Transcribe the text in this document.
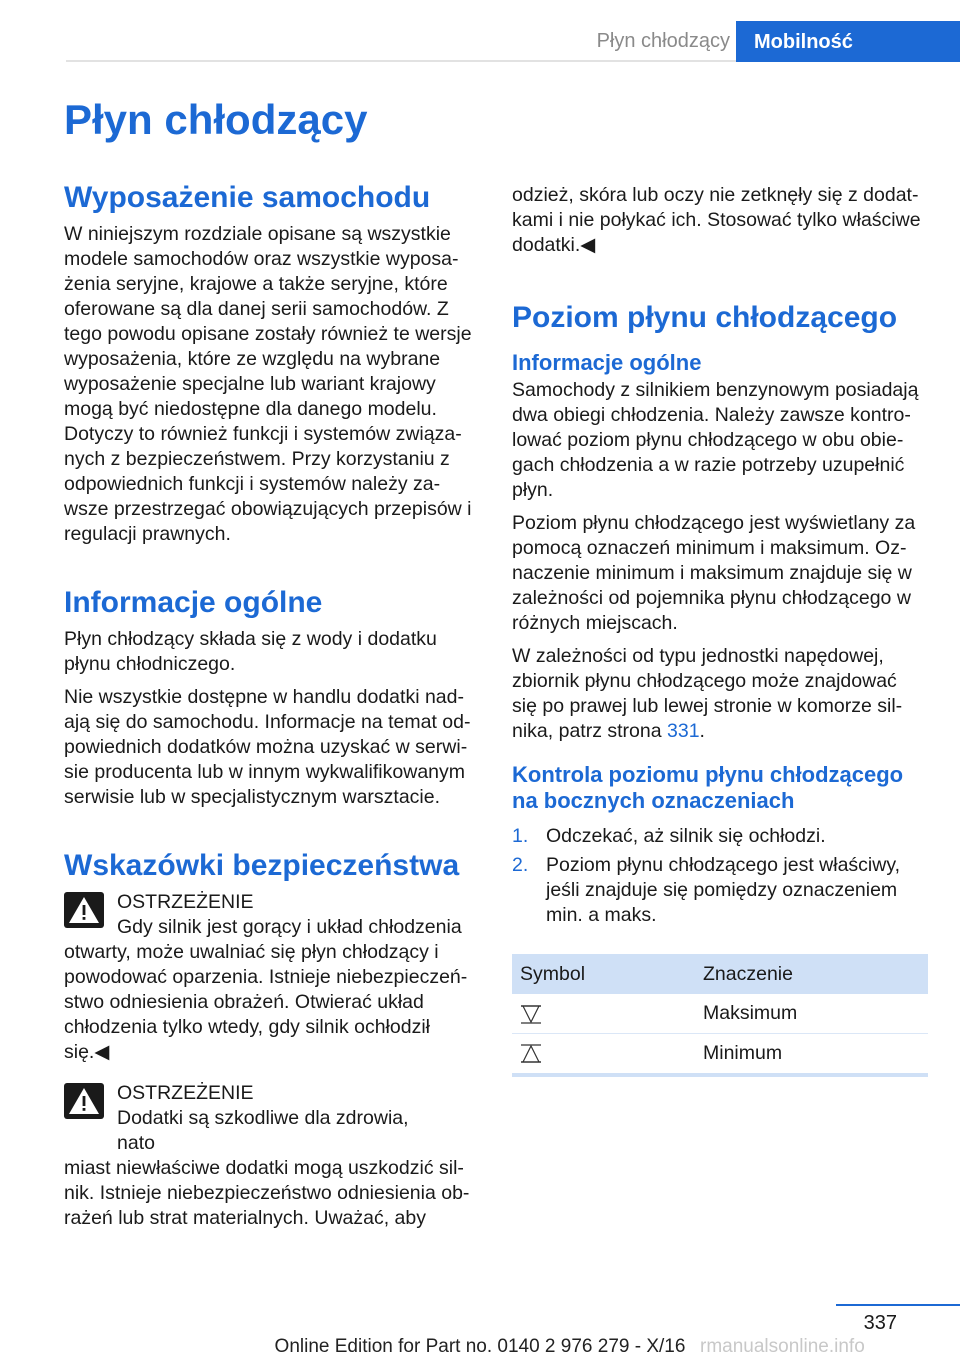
Płyn chłodzący	Mobilność
Płyn chłodzący
Wyposażenie samochodu

W niniejszym rozdziale opisane są wszystkie modele samochodów oraz wszystkie wyposażenia seryjne, krajowe a także seryjne, które oferowane są dla danej serii samochodów. Z tego powodu opisane zostały również te wersje wyposażenia, które ze względu na wybrane wyposażenie specjalne lub wariant krajowy mogą być niedostępne dla danego modelu. Dotyczy to również funkcji i systemów związanych z bezpieczeństwem. Przy korzystaniu z odpowiednich funkcji i systemów należy zawsze przestrzegać obowiązujących przepisów i regulacji prawnych.

Informacje ogólne

Płyn chłodzący składa się z wody i dodatku płynu chłodniczego.

Nie wszystkie dostępne w handlu dodatki nadają się do samochodu. Informacje na temat odpowiednich dodatków można uzyskać w serwisie producenta lub w innym wykwalifikowanym serwisie lub w specjalistycznym warsztacie.

Wskazówki bezpieczeństwa
OSTRZEŻENIE
Gdy silnik jest gorący i układ chłodzenia
otwarty, może uwalniać się płyn chłodzący i powodować oparzenia. Istnieje niebezpieczeństwo odniesienia obrażeń. Otwierać układ chłodzenia tylko wtedy, gdy silnik ochłodził się.◀
OSTRZEŻENIE
Dodatki są szkodliwe dla zdrowia, nato
miast niewłaściwe dodatki mogą uszkodzić silnik. Istnieje niebezpieczeństwo odniesienia obrażeń lub strat materialnych. Uważać, aby

odzież, skóra lub oczy nie zetknęły się z dodatkami i nie połykać ich. Stosować tylko właściwe dodatki.◀

Poziom płynu chłodzącego
Informacje ogólne

Samochody z silnikiem benzynowym posiadają dwa obiegi chłodzenia. Należy zawsze kontrolować poziom płynu chłodzącego w obu obiegach chłodzenia a w razie potrzeby uzupełnić płyn.

Poziom płynu chłodzącego jest wyświetlany za pomocą oznaczeń minimum i maksimum. Oznaczenie minimum i maksimum znajduje się w zależności od pojemnika płynu chłodzącego w różnych miejscach.

W zależności od typu jednostki napędowej, zbiornik płynu chłodzącego może znajdować się po prawej lub lewej stronie w komorze silnika, patrz strona 331.

Kontrola poziomu płynu chłodzącego na bocznych oznaczeniach
1. Odczekać, aż silnik się ochłodzi.
2. Poziom płynu chłodzącego jest właściwy, jeśli znajduje się pomiędzy oznaczeniem min. a maks.
Symbol	Znaczenie
	Maksimum
	Minimum
337
Online Edition for Part no. 0140 2 976 279 - X/16 rmanualsonline.info
